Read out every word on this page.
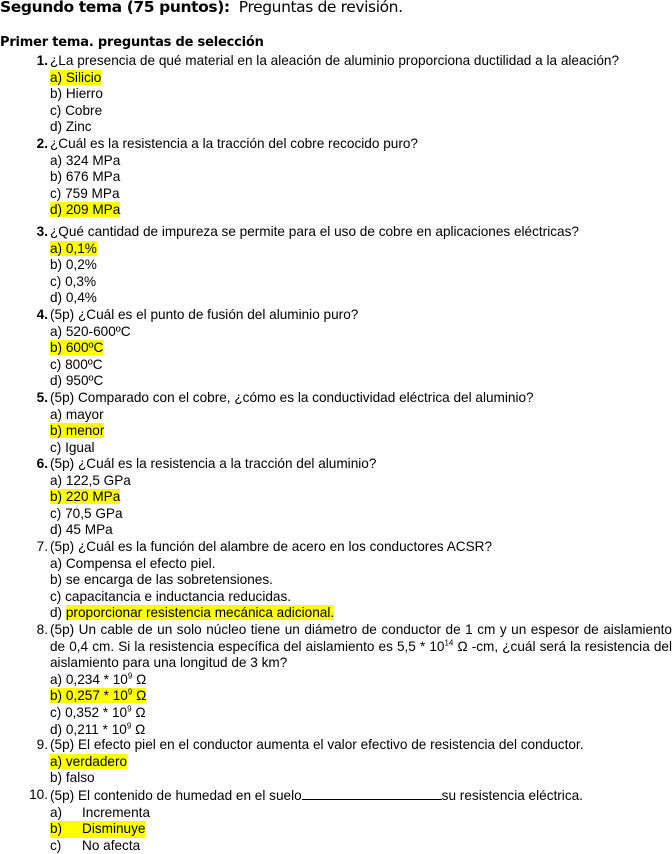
Segundo tema (75 puntos): Preguntas de revisión.
Primer tema. preguntas de selección
1. ¿La presencia de qué material en la aleación de aluminio proporciona ductilidad a la aleación?
a) Silicio
b) Hierro
c) Cobre
d) Zinc
2. ¿Cuál es la resistencia a la tracción del cobre recocido puro?
a) 324 MPa
b) 676 MPa
c) 759 MPa
d) 209 MPa
3. ¿Qué cantidad de impureza se permite para el uso de cobre en aplicaciones eléctricas?
a) 0,1%
b) 0,2%
c) 0,3%
d) 0,4%
4. (5p) ¿Cuál es el punto de fusión del aluminio puro?
a) 520-600ºC
b) 600ºC
c) 800ºC
d) 950ºC
5. (5p) Comparado con el cobre, ¿cómo es la conductividad eléctrica del aluminio?
a) mayor
b) menor
c) Igual
6. (5p) ¿Cuál es la resistencia a la tracción del aluminio?
a) 122,5 GPa
b) 220 MPa
c) 70,5 GPa
d) 45 MPa
7. (5p) ¿Cuál es la función del alambre de acero en los conductores ACSR?
a) Compensa el efecto piel.
b) se encarga de las sobretensiones.
c) capacitancia e inductancia reducidas.
d) proporcionar resistencia mecánica adicional.
8. (5p) Un cable de un solo núcleo tiene un diámetro de conductor de 1 cm y un espesor de aislamiento de 0,4 cm. Si la resistencia específica del aislamiento es $5,5 * 10^{14}$ Ω -cm, ¿cuál será la resistencia del aislamiento para una longitud de 3 km?
a) $0,234 * 10^9$ Ω
b) $0,257 * 10^9$ Ω
c) $0,352 * 10^9$ Ω
d) $0,211 * 10^9$ Ω
9. (5p) El efecto piel en el conductor aumenta el valor efectivo de resistencia del conductor.
a) verdadero
b) falso
10. (5p) El contenido de humedad en el suelo	su resistencia eléctrica.
a)	Incrementa
b)	Disminuye
c)	No afecta
